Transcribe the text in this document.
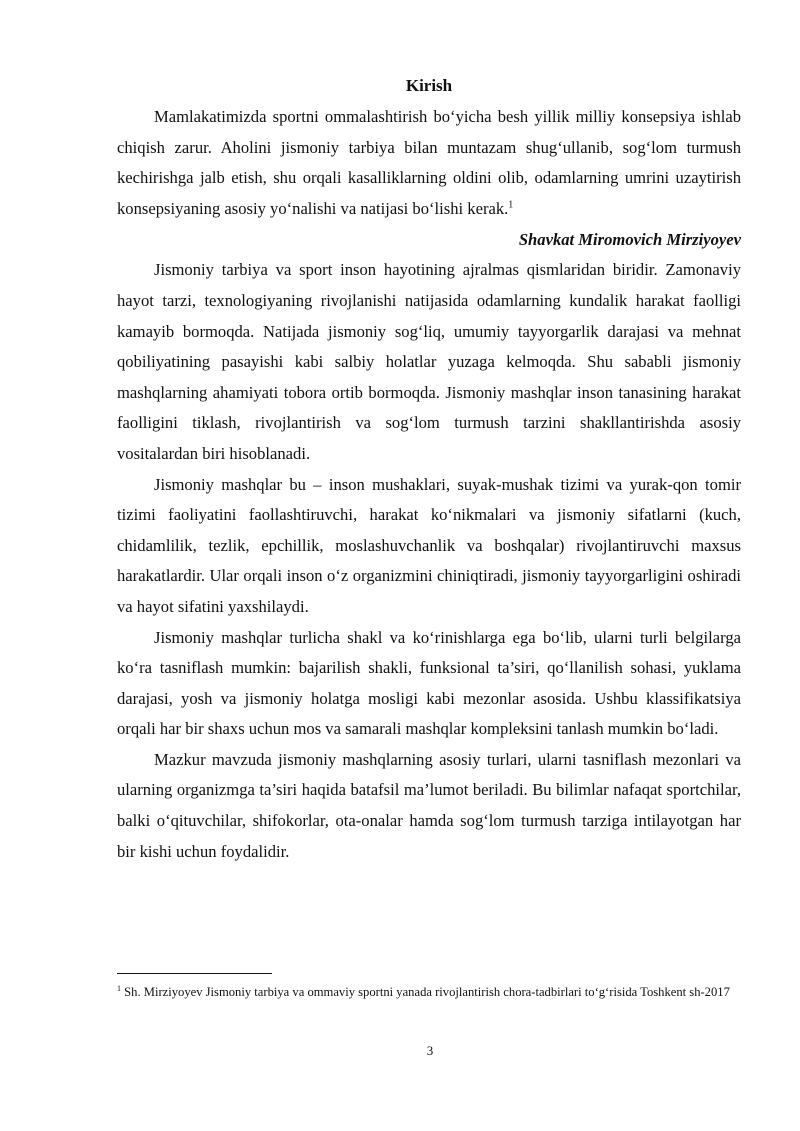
Kirish

Mamlakatimizda sportni ommalashtirish bo‘yicha besh yillik milliy konsepsiya ishlab chiqish zarur. Aholini jismoniy tarbiya bilan muntazam shug‘ullanib, sog‘lom turmush kechirishga jalb etish, shu orqali kasalliklarning oldini olib, odamlarning umrini uzaytirish konsepsiyaning asosiy yo‘nalishi va natijasi bo‘lishi kerak.$^1$

Shavkat Miromovich Mirziyoyev

Jismoniy tarbiya va sport inson hayotining ajralmas qismlaridan biridir. Zamonaviy hayot tarzi, texnologiyaning rivojlanishi natijasida odamlarning kundalik harakat faolligi kamayib bormoqda. Natijada jismoniy sog‘liq, umumiy tayyorgarlik darajasi va mehnat qobiliyatining pasayishi kabi salbiy holatlar yuzaga kelmoqda. Shu sababli jismoniy mashqlarning ahamiyati tobora ortib bormoqda. Jismoniy mashqlar inson tanasining harakat faolligini tiklash, rivojlantirish va sog‘lom turmush tarzini shakllantirishda asosiy vositalardan biri hisoblanadi.

Jismoniy mashqlar bu – inson mushaklari, suyak-mushak tizimi va yurak-qon tomir tizimi faoliyatini faollashtiruvchi, harakat ko‘nikmalari va jismoniy sifatlarni (kuch, chidamlilik, tezlik, epchillik, moslashuvchanlik va boshqalar) rivojlantiruvchi maxsus harakatlardir. Ular orqali inson o‘z organizmini chiniqtiradi, jismoniy tayyorgarligini oshiradi va hayot sifatini yaxshilaydi.

Jismoniy mashqlar turlicha shakl va ko‘rinishlarga ega bo‘lib, ularni turli belgilarga ko‘ra tasniflash mumkin: bajarilish shakli, funksional ta’siri, qo‘llanilish sohasi, yuklama darajasi, yosh va jismoniy holatga mosligi kabi mezonlar asosida. Ushbu klassifikatsiya orqali har bir shaxs uchun mos va samarali mashqlar kompleksini tanlash mumkin bo‘ladi.

Mazkur mavzuda jismoniy mashqlarning asosiy turlari, ularni tasniflash mezonlari va ularning organizmga ta’siri haqida batafsil ma’lumot beriladi. Bu bilimlar nafaqat sportchilar, balki o‘qituvchilar, shifokorlar, ota-onalar hamda sog‘lom turmush tarziga intilayotgan har bir kishi uchun foydalidir.

$^1$ Sh. Mirziyoyev Jismoniy tarbiya va ommaviy sportni yanada rivojlantirish chora-tadbirlari to‘g‘risida Toshkent sh-2017
3
